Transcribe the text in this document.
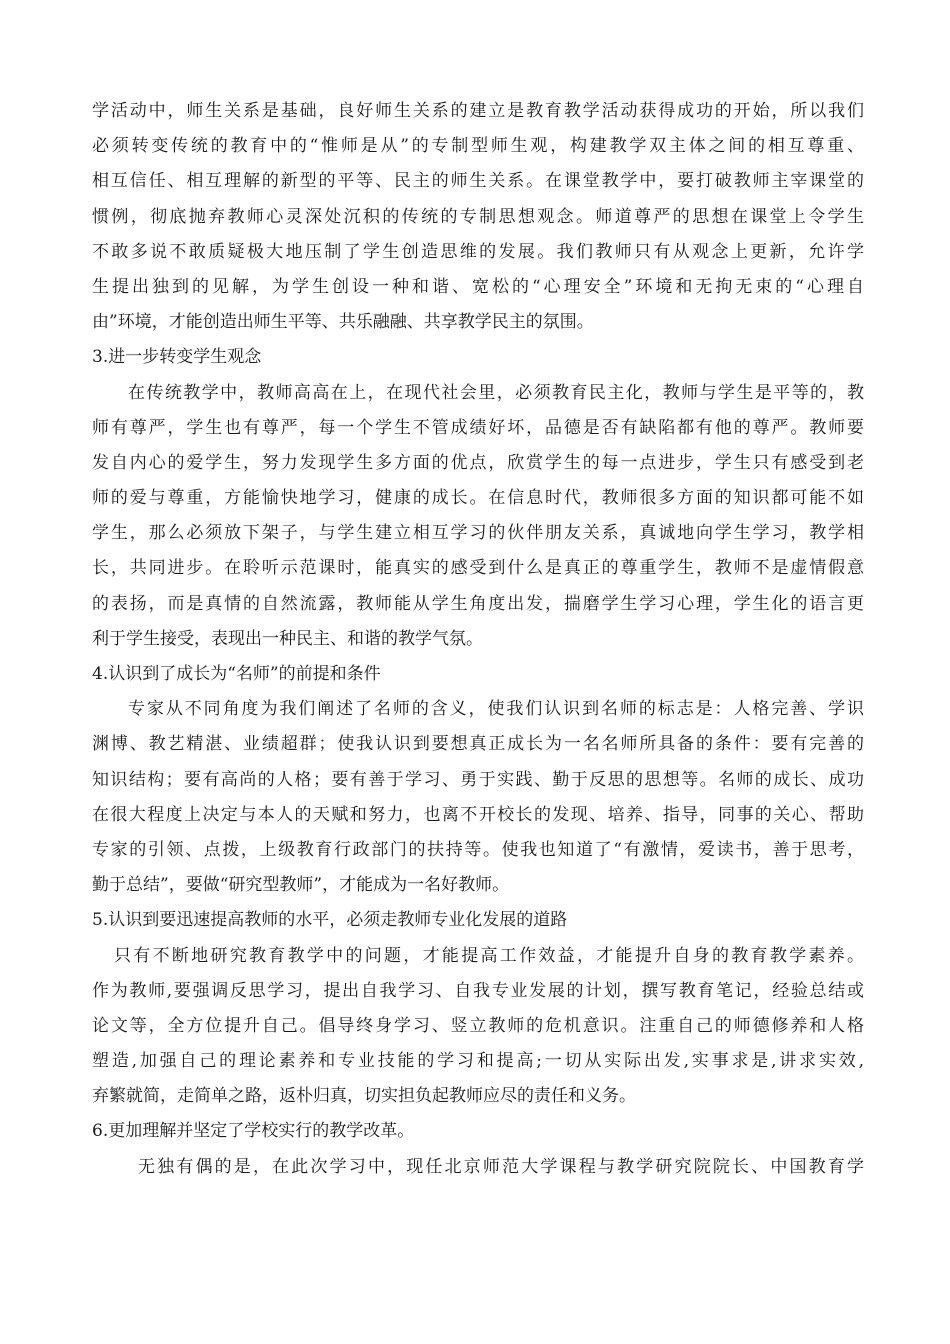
学活动中，师生关系是基础，良好师生关系的建立是教育教学活动获得成功的开始，所以我们
必须转变传统的教育中的“惟师是从”的专制型师生观，构建教学双主体之间的相互尊重、
相互信任、相互理解的新型的平等、民主的师生关系。在课堂教学中，要打破教师主宰课堂的
惯例，彻底抛弃教师心灵深处沉积的传统的专制思想观念。师道尊严的思想在课堂上令学生
不敢多说不敢质疑极大地压制了学生创造思维的发展。我们教师只有从观念上更新，允许学
生提出独到的见解，为学生创设一种和谐、宽松的“心理安全”环境和无拘无束的“心理自
由”环境，才能创造出师生平等、共乐融融、共享教学民主的氛围。
3.进一步转变学生观念
在传统教学中，教师高高在上，在现代社会里，必须教育民主化，教师与学生是平等的，教
师有尊严，学生也有尊严，每一个学生不管成绩好坏，品德是否有缺陷都有他的尊严。教师要
发自内心的爱学生，努力发现学生多方面的优点，欣赏学生的每一点进步，学生只有感受到老
师的爱与尊重，方能愉快地学习，健康的成长。在信息时代，教师很多方面的知识都可能不如
学生，那么必须放下架子，与学生建立相互学习的伙伴朋友关系，真诚地向学生学习，教学相
长，共同进步。在聆听示范课时，能真实的感受到什么是真正的尊重学生，教师不是虚情假意
的表扬，而是真情的自然流露，教师能从学生角度出发，揣磨学生学习心理，学生化的语言更
利于学生接受，表现出一种民主、和谐的教学气氛。
4.认识到了成长为“名师”的前提和条件
专家从不同角度为我们阐述了名师的含义，使我们认识到名师的标志是：人格完善、学识
渊博、教艺精湛、业绩超群；使我认识到要想真正成长为一名名师所具备的条件：要有完善的
知识结构；要有高尚的人格；要有善于学习、勇于实践、勤于反思的思想等。名师的成长、成功
在很大程度上决定与本人的天赋和努力，也离不开校长的发现、培养、指导，同事的关心、帮助
专家的引领、点拨，上级教育行政部门的扶持等。使我也知道了“有激情，爱读书，善于思考，
勤于总结”，要做“研究型教师”，才能成为一名好教师。
5.认识到要迅速提高教师的水平，必须走教师专业化发展的道路
只有不断地研究教育教学中的问题，才能提高工作效益，才能提升自身的教育教学素养。
作为教师,要强调反思学习，提出自我学习、自我专业发展的计划，撰写教育笔记，经验总结或
论文等，全方位提升自己。倡导终身学习、竖立教师的危机意识。注重自己的师德修养和人格
塑造,加强自己的理论素养和专业技能的学习和提高;一切从实际出发,实事求是,讲求实效,
弃繁就简，走简单之路，返朴归真，切实担负起教师应尽的责任和义务。
6.更加理解并坚定了学校实行的教学改革。
无独有偶的是，在此次学习中，现任北京师范大学课程与教学研究院院长、中国教育学
